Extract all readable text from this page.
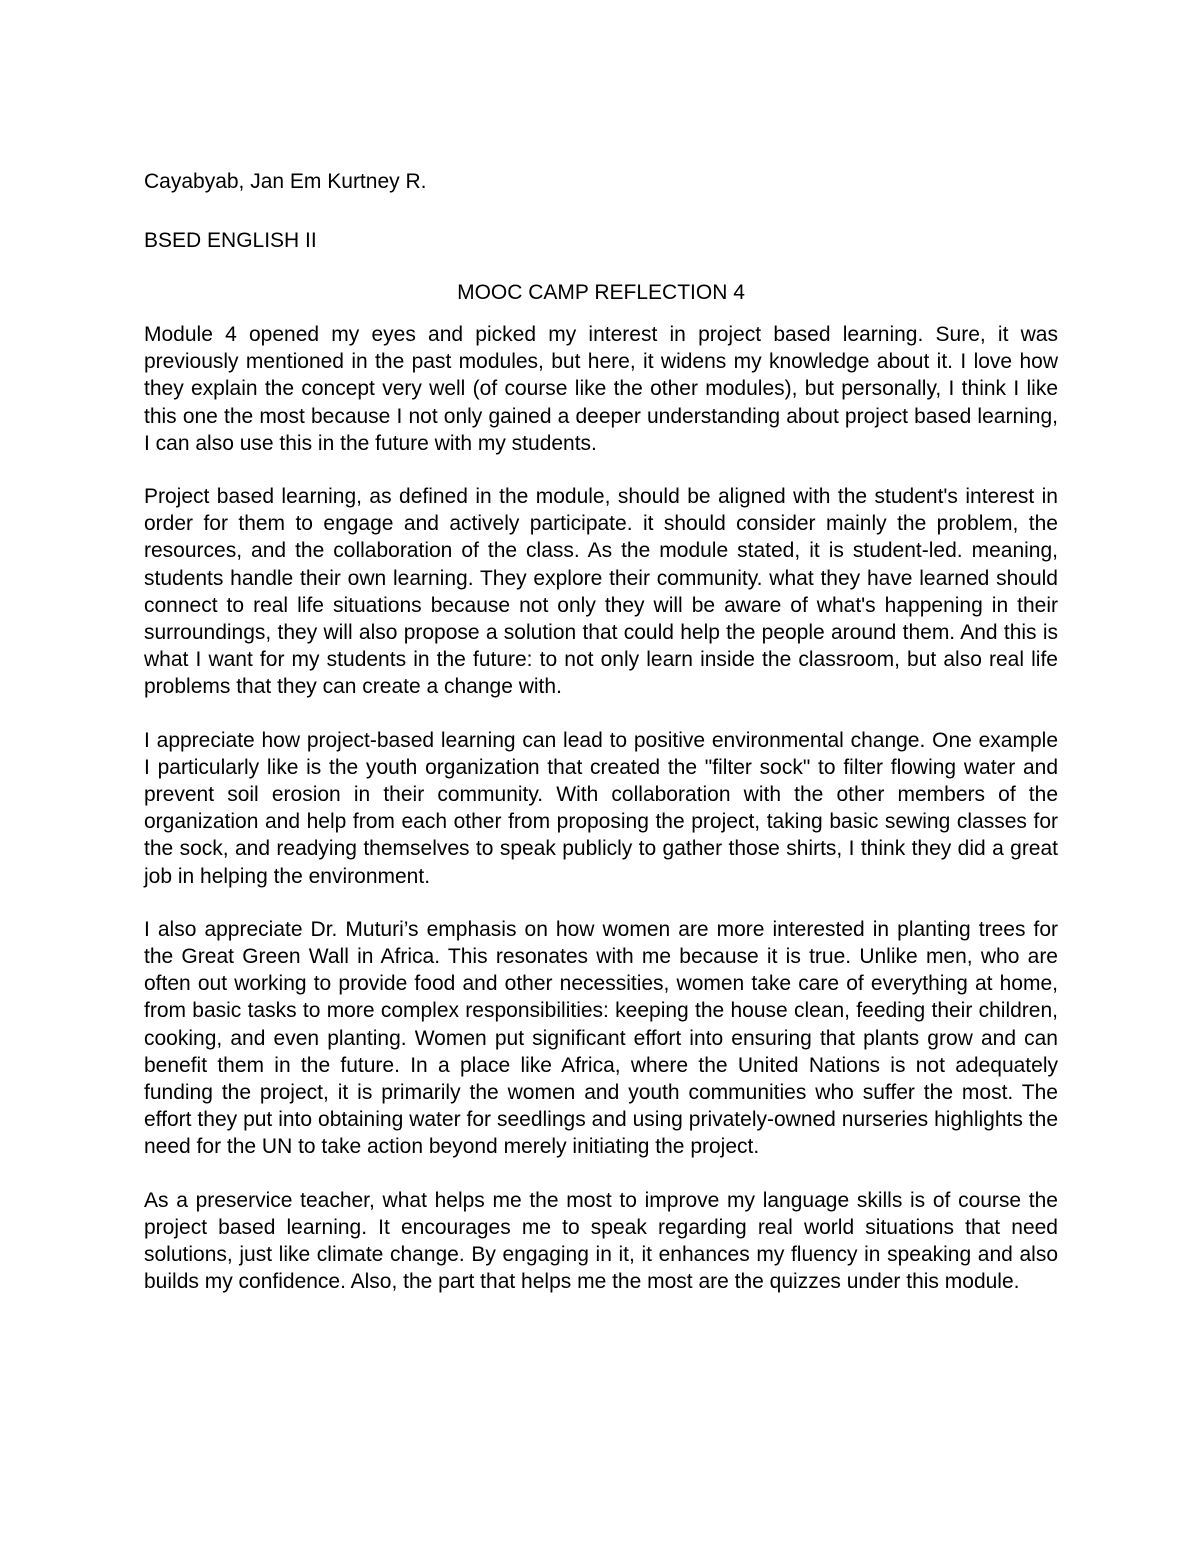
Cayabyab, Jan Em Kurtney R.

BSED ENGLISH II

MOOC CAMP REFLECTION 4

Module 4 opened my eyes and picked my interest in project based learning. Sure, it was previously mentioned in the past modules, but here, it widens my knowledge about it. I love how they explain the concept very well (of course like the other modules), but personally, I think I like this one the most because I not only gained a deeper understanding about project based learning, I can also use this in the future with my students.

Project based learning, as defined in the module, should be aligned with the student's interest in order for them to engage and actively participate. it should consider mainly the problem, the resources, and the collaboration of the class. As the module stated, it is student-led. meaning, students handle their own learning. They explore their community. what they have learned should connect to real life situations because not only they will be aware of what's happening in their surroundings, they will also propose a solution that could help the people around them. And this is what I want for my students in the future: to not only learn inside the classroom, but also real life problems that they can create a change with.

I appreciate how project-based learning can lead to positive environmental change. One example I particularly like is the youth organization that created the "filter sock" to filter flowing water and prevent soil erosion in their community. With collaboration with the other members of the organization and help from each other from proposing the project, taking basic sewing classes for the sock, and readying themselves to speak publicly to gather those shirts, I think they did a great job in helping the environment.

I also appreciate Dr. Muturi’s emphasis on how women are more interested in planting trees for the Great Green Wall in Africa. This resonates with me because it is true. Unlike men, who are often out working to provide food and other necessities, women take care of everything at home, from basic tasks to more complex responsibilities: keeping the house clean, feeding their children, cooking, and even planting. Women put significant effort into ensuring that plants grow and can benefit them in the future. In a place like Africa, where the United Nations is not adequately funding the project, it is primarily the women and youth communities who suffer the most. The effort they put into obtaining water for seedlings and using privately-owned nurseries highlights the need for the UN to take action beyond merely initiating the project.

As a preservice teacher, what helps me the most to improve my language skills is of course the project based learning. It encourages me to speak regarding real world situations that need solutions, just like climate change. By engaging in it, it enhances my fluency in speaking and also builds my confidence. Also, the part that helps me the most are the quizzes under this module.
